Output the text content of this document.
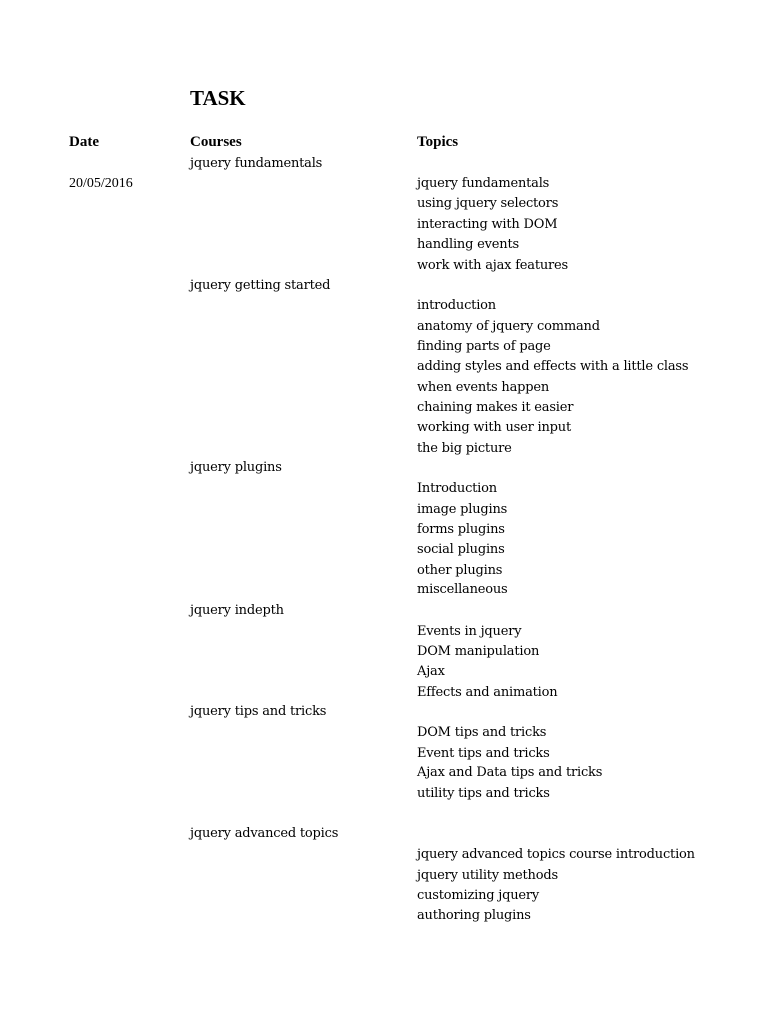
TASK
Date	Courses	Topics
20/05/2016
jquery fundamentals
jquery fundamentals
using jquery selectors
interacting with DOM
handling events
work with ajax features
jquery getting started
introduction
anatomy of jquery command
finding parts of page
adding styles and effects with a little class
when events happen
chaining makes it easier
working with user input
the big picture
jquery plugins
Introduction
image plugins
forms plugins
social plugins
other plugins
miscellaneous
jquery indepth
Events in jquery
DOM manipulation
Ajax
Effects and animation
jquery tips and tricks
DOM tips and tricks
Event tips and tricks
Ajax and Data tips and tricks
utility tips and tricks
jquery advanced topics
jquery advanced topics course introduction
jquery utility methods
customizing jquery
authoring plugins
